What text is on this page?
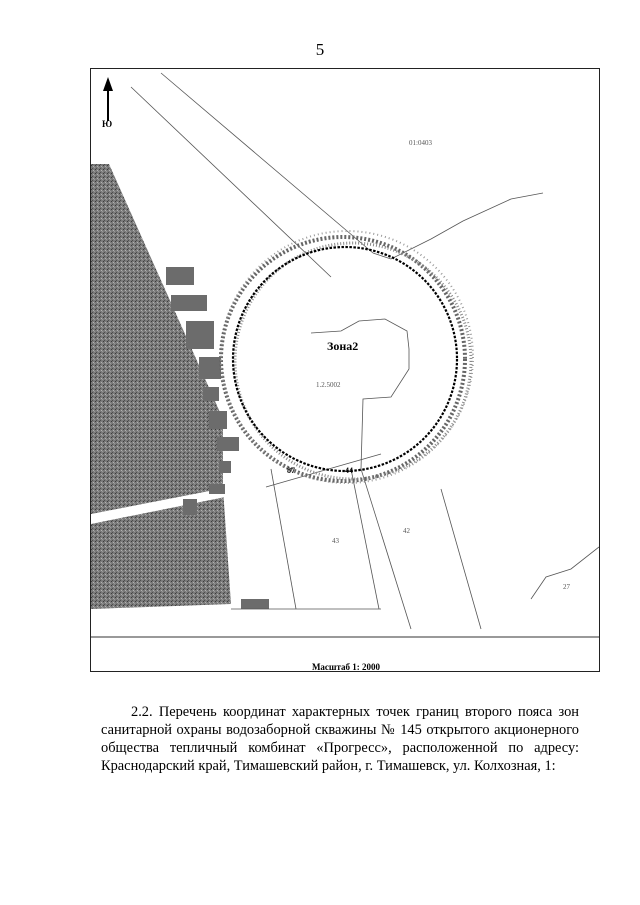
5
Ю
Зона2
01:0403
1.2.5002
43
42
27
87	44
Масштаб 1: 2000

2.2. Перечень координат характерных точек границ второго пояса зон санитарной охраны водозаборной скважины № 145 открытого акционерного общества тепличный комбинат «Прогресс», расположенной по адресу: Краснодарский край, Тимашевский район, г. Тимашевск, ул. Колхозная, 1:
